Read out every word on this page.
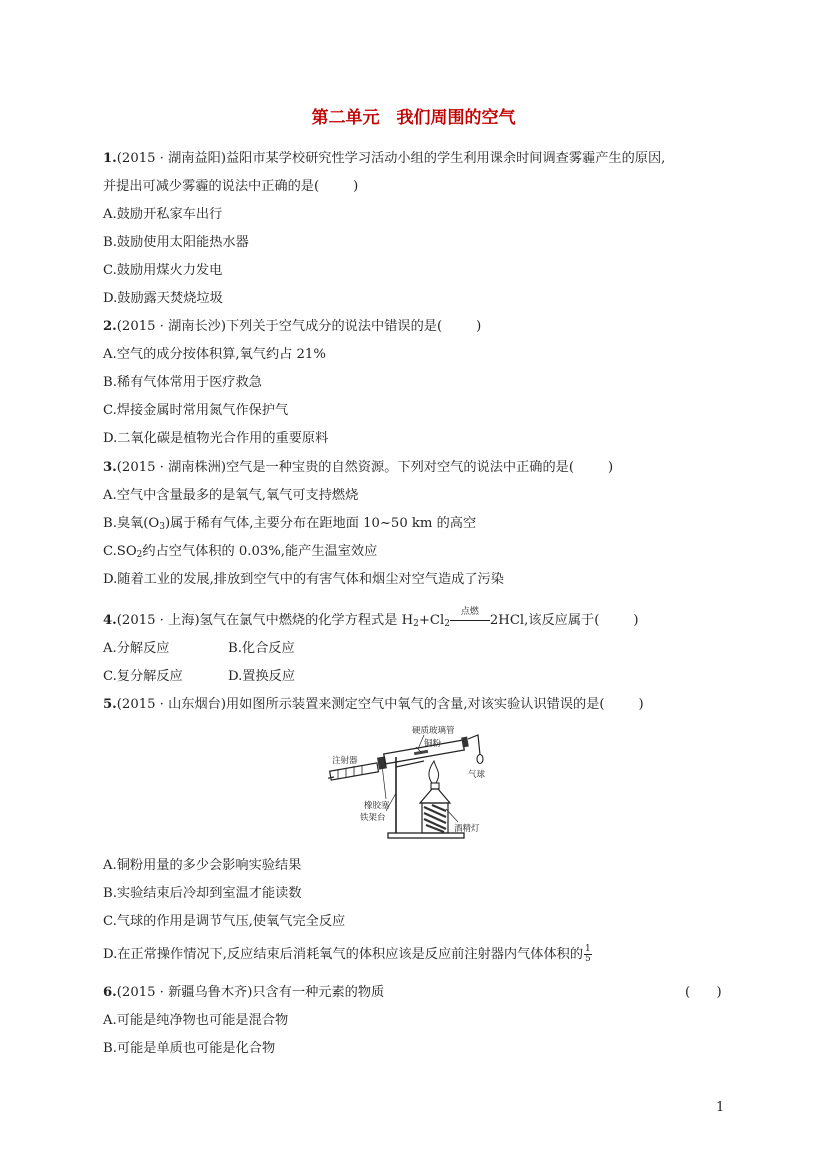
第二单元　我们周围的空气
1.(2015 · 湖南益阳)益阳市某学校研究性学习活动小组的学生利用课余时间调查雾霾产生的原因,
并提出可减少雾霾的说法中正确的是(	)
A.鼓励开私家车出行
B.鼓励使用太阳能热水器
C.鼓励用煤火力发电
D.鼓励露天焚烧垃圾
2.(2015 · 湖南长沙)下列关于空气成分的说法中错误的是(	)
A.空气的成分按体积算,氧气约占 21%
B.稀有气体常用于医疗救急
C.焊接金属时常用氮气作保护气
D.二氧化碳是植物光合作用的重要原料
3.(2015 · 湖南株洲)空气是一种宝贵的自然资源。下列对空气的说法中正确的是(	)
A.空气中含量最多的是氧气,氧气可支持燃烧
B.臭氧$(O_3)$属于稀有气体,主要分布在距地面 10~50 km 的高空
$C.SO_2$约占空气体积的 0.03%,能产生温室效应
D.随着工业的发展,排放到空气中的有害气体和烟尘对空气造成了污染
4.(2015 · 上海)氢气在氯气中燃烧的化学方程式是 $H_2+Cl_2$
点燃
2HCl,该反应属于(	)
A.分解反应	B.化合反应
C.复分解反应	D.置换反应
5.(2015 · 山东烟台)用如图所示装置来测定空气中氧气的含量,对该实验认识错误的是(	)
硬质玻璃管
铜粉
注射器
气球
橡胶塞
铁架台
酒精灯
A.铜粉用量的多少会影响实验结果
B.实验结束后冷却到室温才能读数
C.气球的作用是调节气压,使氧气完全反应
D.在正常操作情况下,反应结束后消耗氧气的体积应该是反应前注射器内气体体积的 $\frac{1}{5}$
6.(2015 · 新疆乌鲁木齐)只含有一种元素的物质	(　　)
A.可能是纯净物也可能是混合物
B.可能是单质也可能是化合物
1
